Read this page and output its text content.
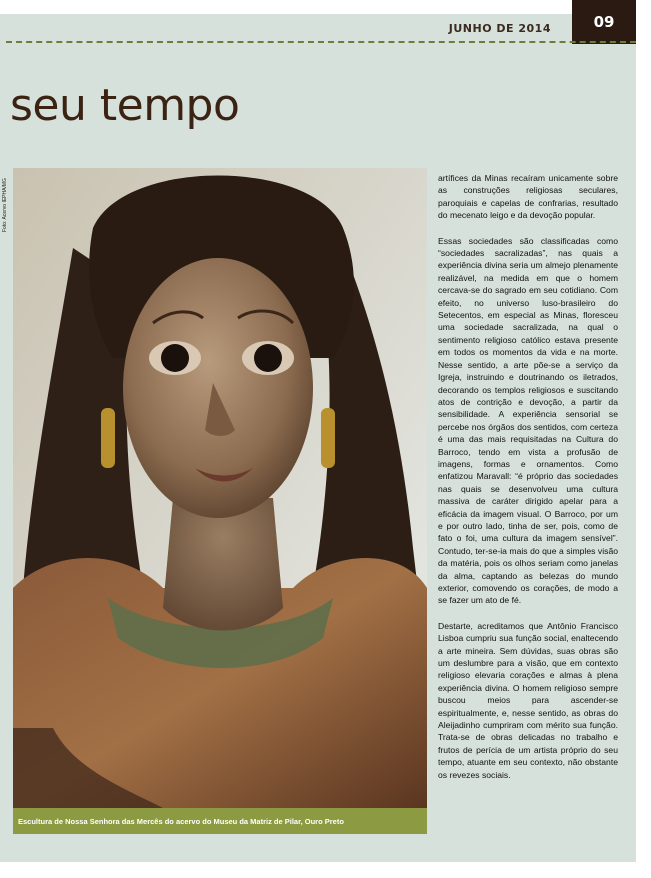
JUNHO DE 2014	09
seu tempo
Foto: Acervo IEPHA/MG
Escultura de Nossa Senhora das Mercês do acervo do Museu da Matriz de Pilar, Ouro Preto

artífices da Minas recaíram unicamente sobre as construções religiosas seculares, paroquiais e capelas de confrarias, resultado do mecenato leigo e da devoção popular.

Essas sociedades são classificadas como “sociedades sacralizadas”, nas quais a experiência divina seria um almejo plenamente realizável, na medida em que o homem cercava-se do sagrado em seu cotidiano. Com efeito, no universo luso-brasileiro do Setecentos, em especial as Minas, floresceu uma sociedade sacralizada, na qual o sentimento religioso católico estava presente em todos os momentos da vida e na morte. Nesse sentido, a arte põe-se a serviço da Igreja, instruindo e doutrinando os iletrados, decorando os templos religiosos e suscitando atos de contrição e devoção, a partir da sensibilidade. A experiência sensorial se percebe nos órgãos dos sentidos, com certeza é uma das mais requisitadas na Cultura do Barroco, tendo em vista a profusão de imagens, formas e ornamentos. Como enfatizou Maravall: “é próprio das sociedades nas quais se desenvolveu uma cultura massiva de caráter dirigido apelar para a eficácia da imagem visual. O Barroco, por um e por outro lado, tinha de ser, pois, como de fato o foi, uma cultura da imagem sensível”. Contudo, ter-se-ia mais do que a simples visão da matéria, pois os olhos seriam como janelas da alma, captando as belezas do mundo exterior, comovendo os corações, de modo a se fazer um ato de fé.

Destarte, acreditamos que Antônio Francisco Lisboa cumpriu sua função social, enaltecendo a arte mineira. Sem dúvidas, suas obras são um deslumbre para a visão, que em contexto religioso elevaria corações e almas à plena experiência divina. O homem religioso sempre buscou meios para ascender-se espiritualmente, e, nesse sentido, as obras do Aleijadinho cumpriram com mérito sua função. Trata-se de obras delicadas no trabalho e frutos de perícia de um artista próprio do seu tempo, atuante em seu contexto, não obstante os revezes sociais.
